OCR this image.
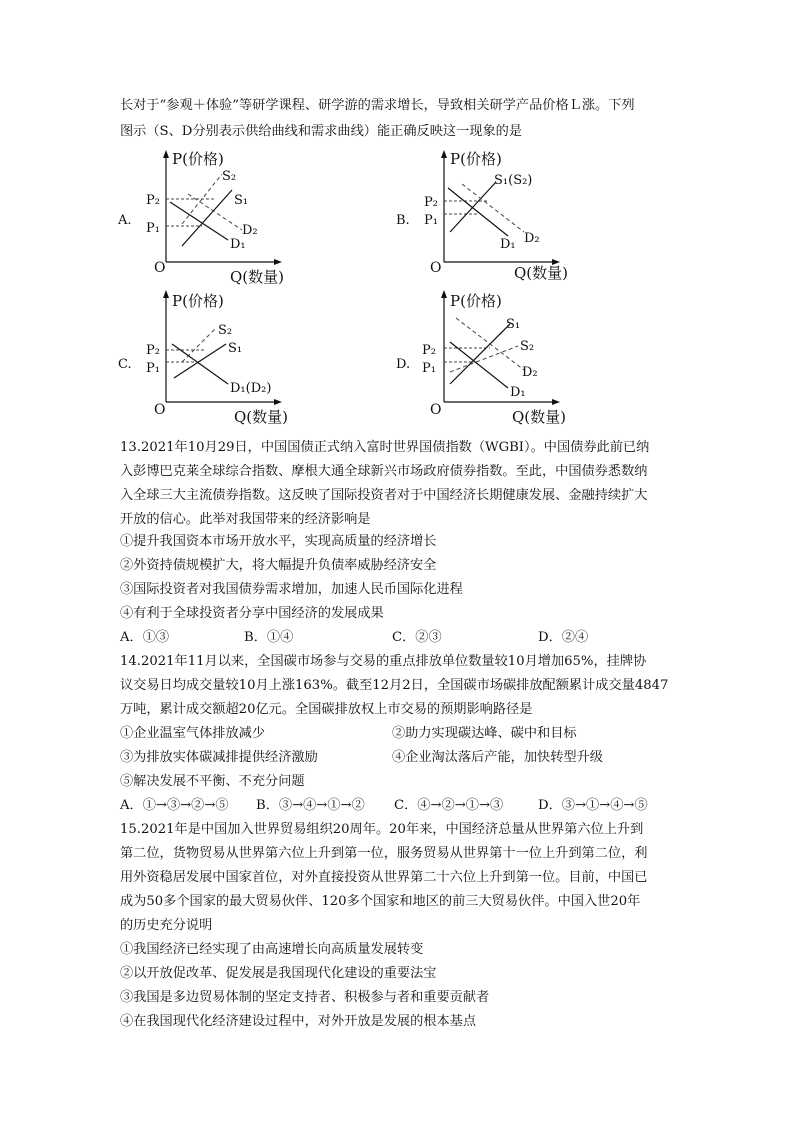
长对于“参观＋体验”等研学课程、研学游的需求增长，导致相关研学产品价格Ｌ涨。下列
图示（S、D分别表示供给曲线和需求曲线）能正确反映这一现象的是
A.
P(价格)
Q(数量)
O
P₂
P₁
S₂
S₁
D₂
D₁
B.
P(价格)
Q(数量)
O
P₂
P₁
S₁(S₂)
D₁ D₂
C.
P(价格)
Q(数量)
O
P₂
P₁
S₂
S₁
D₁(D₂)
D.
P(价格)
Q(数量)
O
P₂
P₁
S₁
S₂
D₂
D₁
13.2021年10月29日，中国国债正式纳入富时世界国债指数（WGBI）。中国债券此前已纳
入彭博巴克莱全球综合指数、摩根大通全球新兴市场政府债券指数。至此，中国债券悉数纳
入全球三大主流债券指数。这反映了国际投资者对于中国经济长期健康发展、金融持续扩大
开放的信心。此举对我国带来的经济影响是
①提升我国资本市场开放水平，实现高质量的经济增长
②外资持债规模扩大，将大幅提升负债率威胁经济安全
③国际投资者对我国债券需求增加，加速人民币国际化进程
④有利于全球投资者分享中国经济的发展成果
A．①③	B．①④	C．②③	D．②④
14.2021年11月以来，全国碳市场参与交易的重点排放单位数量较10月增加65%，挂牌协
议交易日均成交量较10月上涨163%。截至12月2日，全国碳市场碳排放配额累计成交量4847
万吨，累计成交额超20亿元。全国碳排放权上市交易的预期影响路径是
①企业温室气体排放减少	②助力实现碳达峰、碳中和目标
③为排放实体碳减排提供经济激励	④企业淘汰落后产能，加快转型升级
⑤解决发展不平衡、不充分问题
A．①→③→②→⑤ B．③→④→①→② C．④→②→①→③	D．③→①→④→⑤
15.2021年是中国加入世界贸易组织20周年。20年来，中国经济总量从世界第六位上升到
第二位，货物贸易从世界第六位上升到第一位，服务贸易从世界第十一位上升到第二位，利
用外资稳居发展中国家首位，对外直接投资从世界第二十六位上升到第一位。目前，中国已
成为50多个国家的最大贸易伙伴、120多个国家和地区的前三大贸易伙伴。中国入世20年
的历史充分说明
①我国经济已经实现了由高速增长向高质量发展转变
②以开放促改革、促发展是我国现代化建设的重要法宝
③我国是多边贸易体制的坚定支持者、积极参与者和重要贡献者
④在我国现代化经济建设过程中，对外开放是发展的根本基点
